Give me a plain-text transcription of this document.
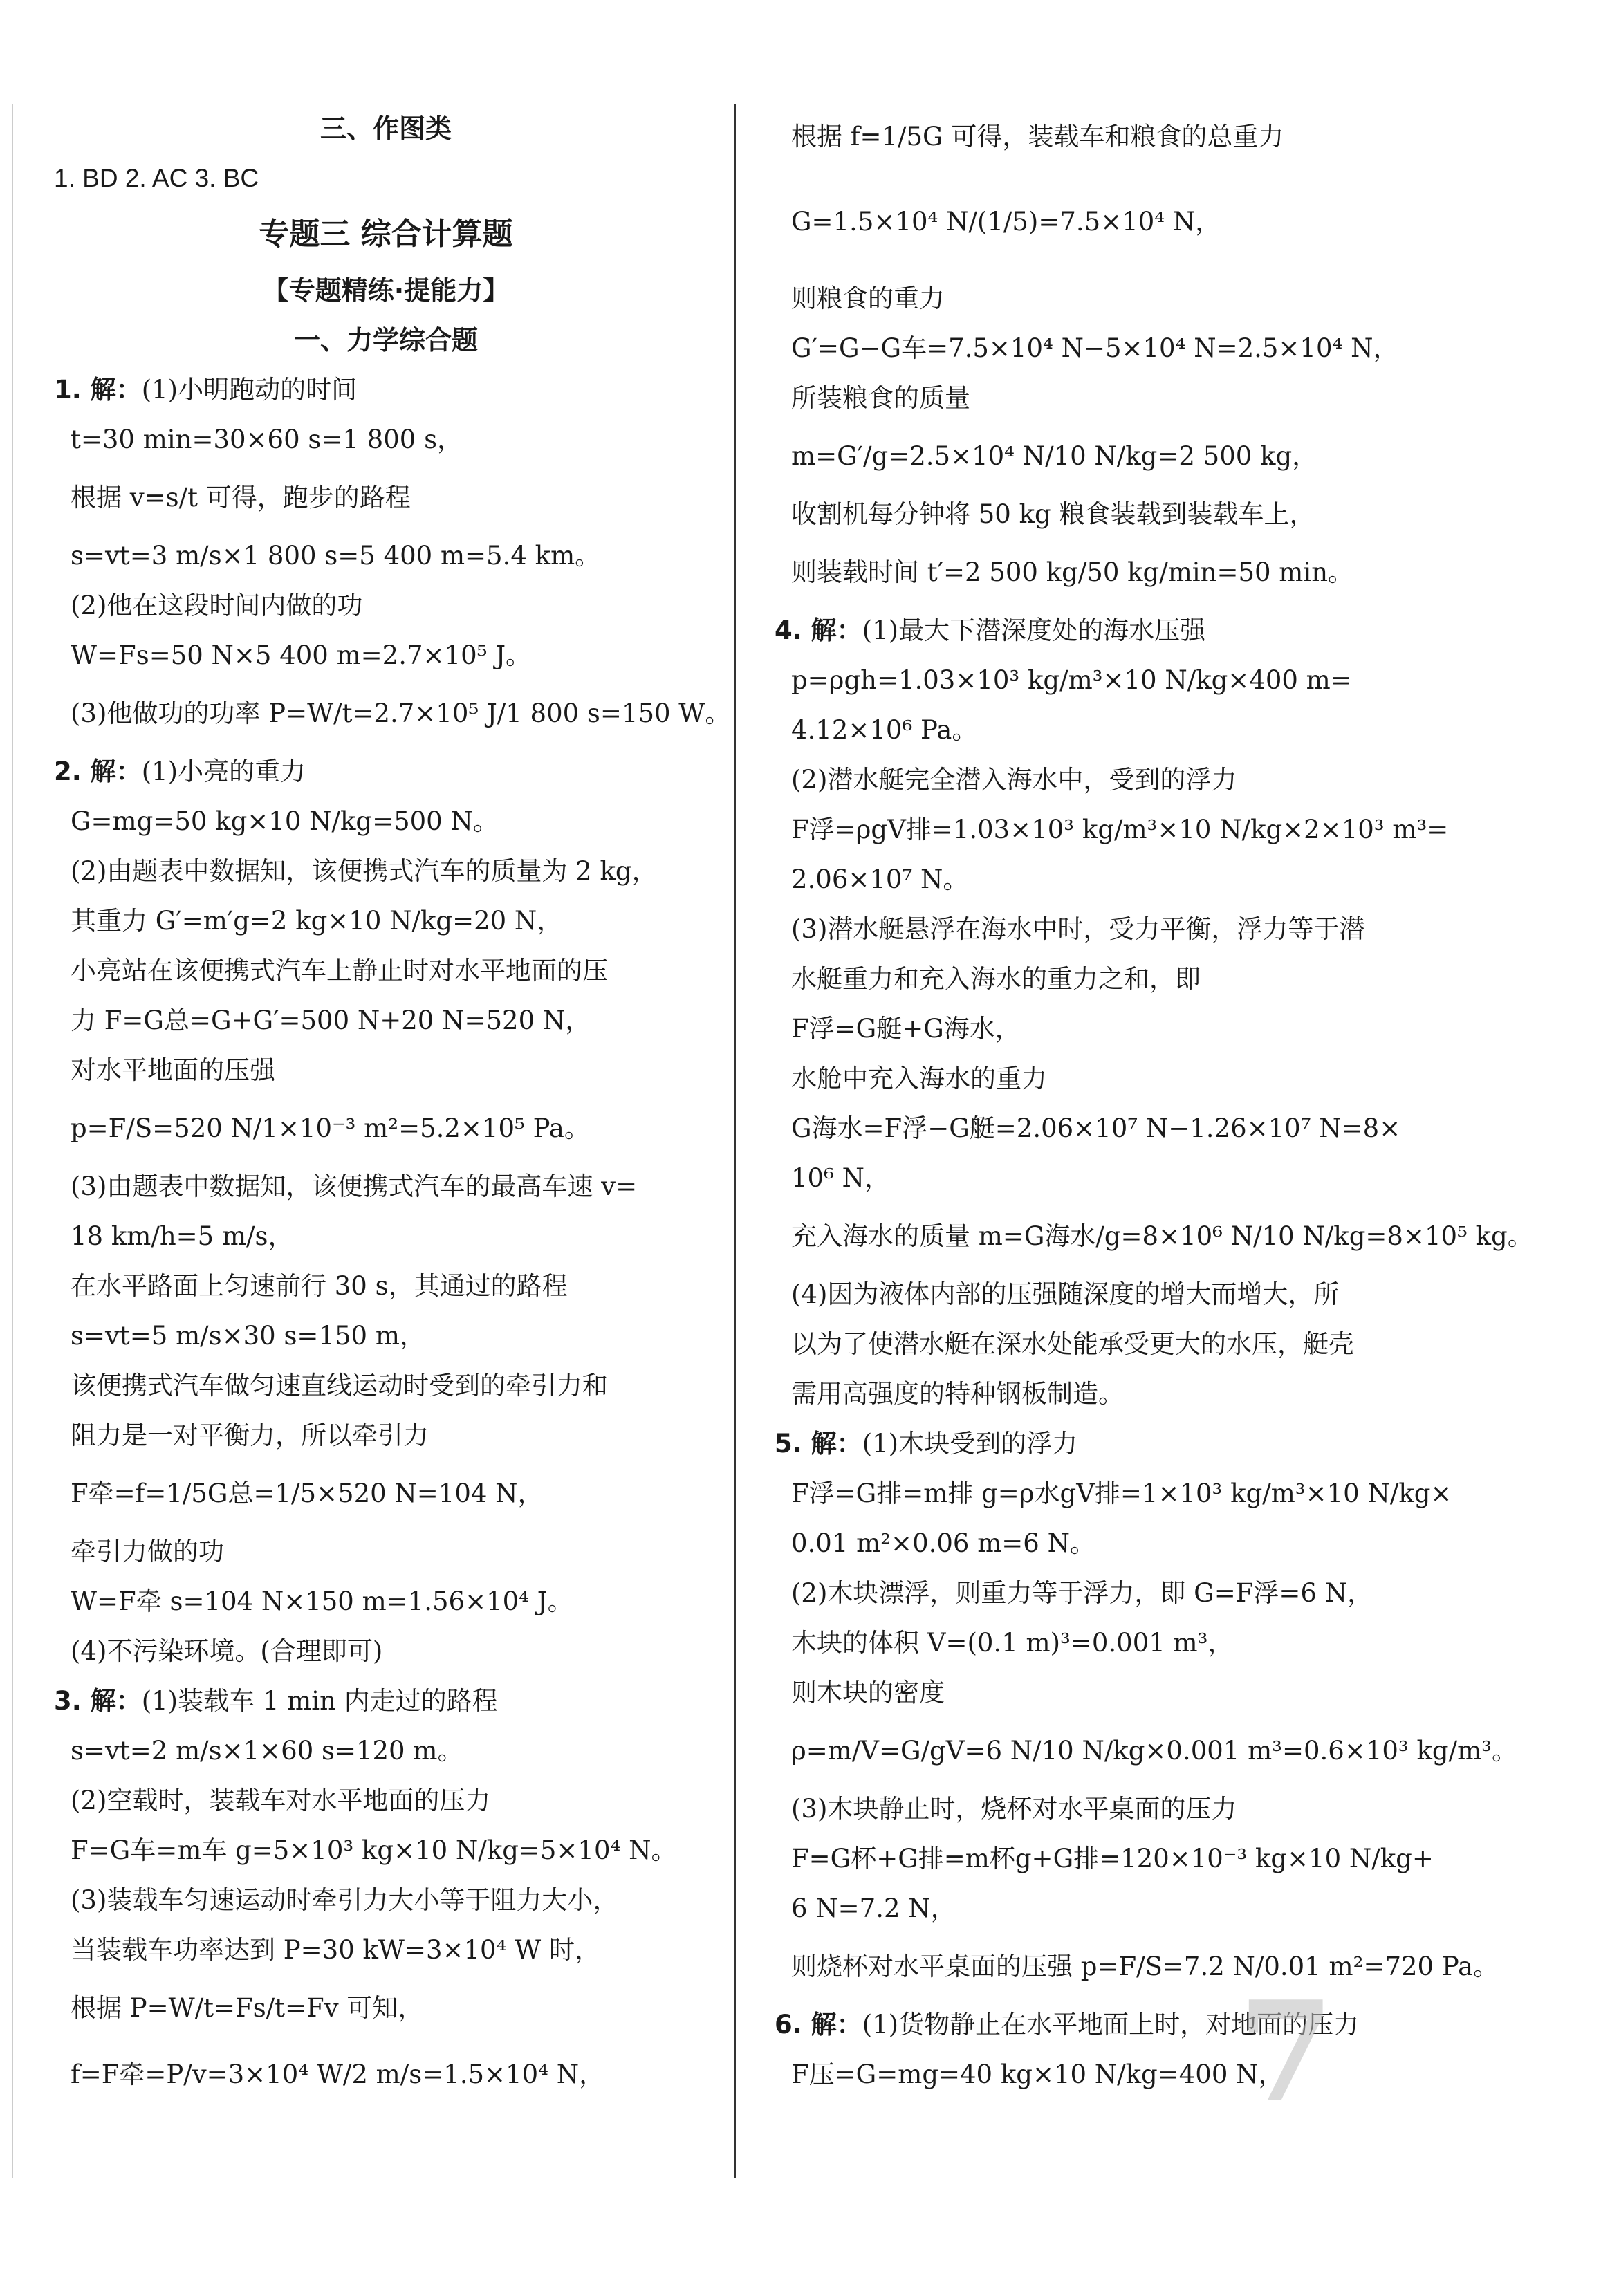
三、作图类
1. BD 2. AC 3. BC
专题三 综合计算题
【专题精练·提能力】
一、力学综合题
1. 解：(1)小明跑动的时间
t=30 min=30×60 s=1 800 s，
根据 v=s/t 可得，跑步的路程
s=vt=3 m/s×1 800 s=5 400 m=5.4 km。
(2)他在这段时间内做的功
W=Fs=50 N×5 400 m=2.7×10⁵ J。
(3)他做功的功率 P=W/t=2.7×10⁵ J/1 800 s=150 W。
2. 解：(1)小亮的重力
G=mg=50 kg×10 N/kg=500 N。
(2)由题表中数据知，该便携式汽车的质量为 2 kg，
其重力 G′=m′g=2 kg×10 N/kg=20 N，
小亮站在该便携式汽车上静止时对水平地面的压
力 F=G总=G+G′=500 N+20 N=520 N，
对水平地面的压强
p=F/S=520 N/1×10⁻³ m²=5.2×10⁵ Pa。
(3)由题表中数据知，该便携式汽车的最高车速 v=
18 km/h=5 m/s，
在水平路面上匀速前行 30 s，其通过的路程
s=vt=5 m/s×30 s=150 m，
该便携式汽车做匀速直线运动时受到的牵引力和
阻力是一对平衡力，所以牵引力
F牵=f=1/5G总=1/5×520 N=104 N，
牵引力做的功
W=F牵 s=104 N×150 m=1.56×10⁴ J。
(4)不污染环境。(合理即可)
3. 解：(1)装载车 1 min 内走过的路程
s=vt=2 m/s×1×60 s=120 m。
(2)空载时，装载车对水平地面的压力
F=G车=m车 g=5×10³ kg×10 N/kg=5×10⁴ N。
(3)装载车匀速运动时牵引力大小等于阻力大小，
当装载车功率达到 P=30 kW=3×10⁴ W 时，
根据 P=W/t=Fs/t=Fv 可知，
f=F牵=P/v=3×10⁴ W/2 m/s=1.5×10⁴ N，
根据 f=1/5G 可得，装载车和粮食的总重力
G=1.5×10⁴ N/(1/5)=7.5×10⁴ N，
则粮食的重力
G′=G−G车=7.5×10⁴ N−5×10⁴ N=2.5×10⁴ N，
所装粮食的质量
m=G′/g=2.5×10⁴ N/10 N/kg=2 500 kg，
收割机每分钟将 50 kg 粮食装载到装载车上，
则装载时间 t′=2 500 kg/50 kg/min=50 min。
4. 解：(1)最大下潜深度处的海水压强
p=ρgh=1.03×10³ kg/m³×10 N/kg×400 m=
4.12×10⁶ Pa。
(2)潜水艇完全潜入海水中，受到的浮力
F浮=ρgV排=1.03×10³ kg/m³×10 N/kg×2×10³ m³=
2.06×10⁷ N。
(3)潜水艇悬浮在海水中时，受力平衡，浮力等于潜
水艇重力和充入海水的重力之和，即
F浮=G艇+G海水，
水舱中充入海水的重力
G海水=F浮−G艇=2.06×10⁷ N−1.26×10⁷ N=8×
10⁶ N，
充入海水的质量 m=G海水/g=8×10⁶ N/10 N/kg=8×10⁵ kg。
(4)因为液体内部的压强随深度的增大而增大，所
以为了使潜水艇在深水处能承受更大的水压，艇壳
需用高强度的特种钢板制造。
5. 解：(1)木块受到的浮力
F浮=G排=m排 g=ρ水gV排=1×10³ kg/m³×10 N/kg×
0.01 m²×0.06 m=6 N。
(2)木块漂浮，则重力等于浮力，即 G=F浮=6 N，
木块的体积 V=(0.1 m)³=0.001 m³，
则木块的密度
ρ=m/V=G/gV=6 N/10 N/kg×0.001 m³=0.6×10³ kg/m³。
(3)木块静止时，烧杯对水平桌面的压力
F=G杯+G排=m杯g+G排=120×10⁻³ kg×10 N/kg+
6 N=7.2 N，
则烧杯对水平桌面的压强 p=F/S=7.2 N/0.01 m²=720 Pa。
6. 解：(1)货物静止在水平地面上时，对地面的压力
F压=G=mg=40 kg×10 N/kg=400 N，
7
